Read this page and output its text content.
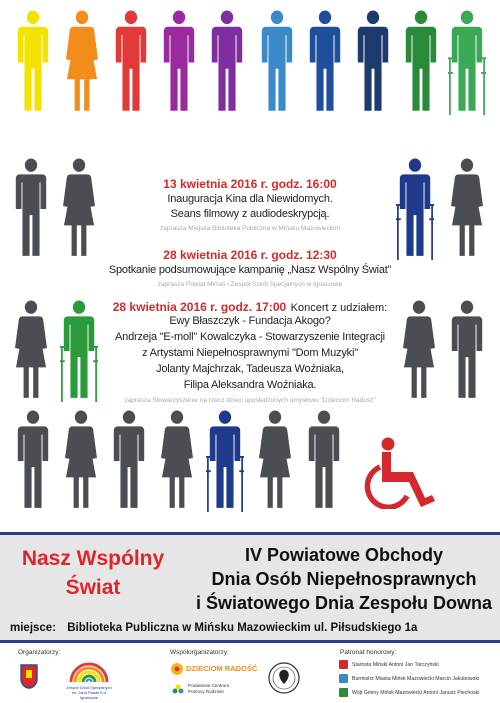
13 kwietnia 2016 r. godz. 16:00
Inauguracja Kina dla Niewidomych.
Seans filmowy z audiodeskrypcją.
zaprasza Miejska Biblioteka Publiczna w Mińsku Mazowieckim
28 kwietnia 2016 r. godz. 12:30
Spotkanie podsumowujące kampanię „Nasz Wspólny Świat”
zaprasza Powiat Miński i Zespół Szkół Specjalnych w Ignacowie
28 kwietnia 2016 r. godz. 17:00 Koncert z udziałem:
Ewy Błaszczyk - Fundacja Akogo?
Andrzeja "E-moll" Kowalczyka - Stowarzyszenie Integracji
z Artystami Niepełnosprawnymi "Dom Muzyki"
Jolanty Majchrzak, Tadeusza Woźniaka,
Filipa Aleksandra Woźniaka.
zaprasza Stowarzyszenie na rzecz dzieci upośledzonych umysłowo "Dzieciom Radość"
Nasz Wspólny
Świat
IV Powiatowe Obchody
Dnia Osób Niepełnosprawnych
i Światowego Dnia Zespołu Downa
miejsce: Biblioteka Publiczna w Mińsku Mazowieckim ul. Piłsudskiego 1a
Organizatorzy:	Współorganizatorzy:	Patronat honorowy:
Zespół Szkół Specjalnych im. Jana Pawła II w Ignacowie
DZIECIOM RADOŚĆ
Powiatowe Centrum Pomocy Rodzinie
Starosta Miński Antoni Jan Tarczyński
Burmistrz Miasta Mińsk Mazowiecki Marcin Jakubowski
Wójt Gminy Mińsk Mazowiecki Antoni Janusz Piechoski
